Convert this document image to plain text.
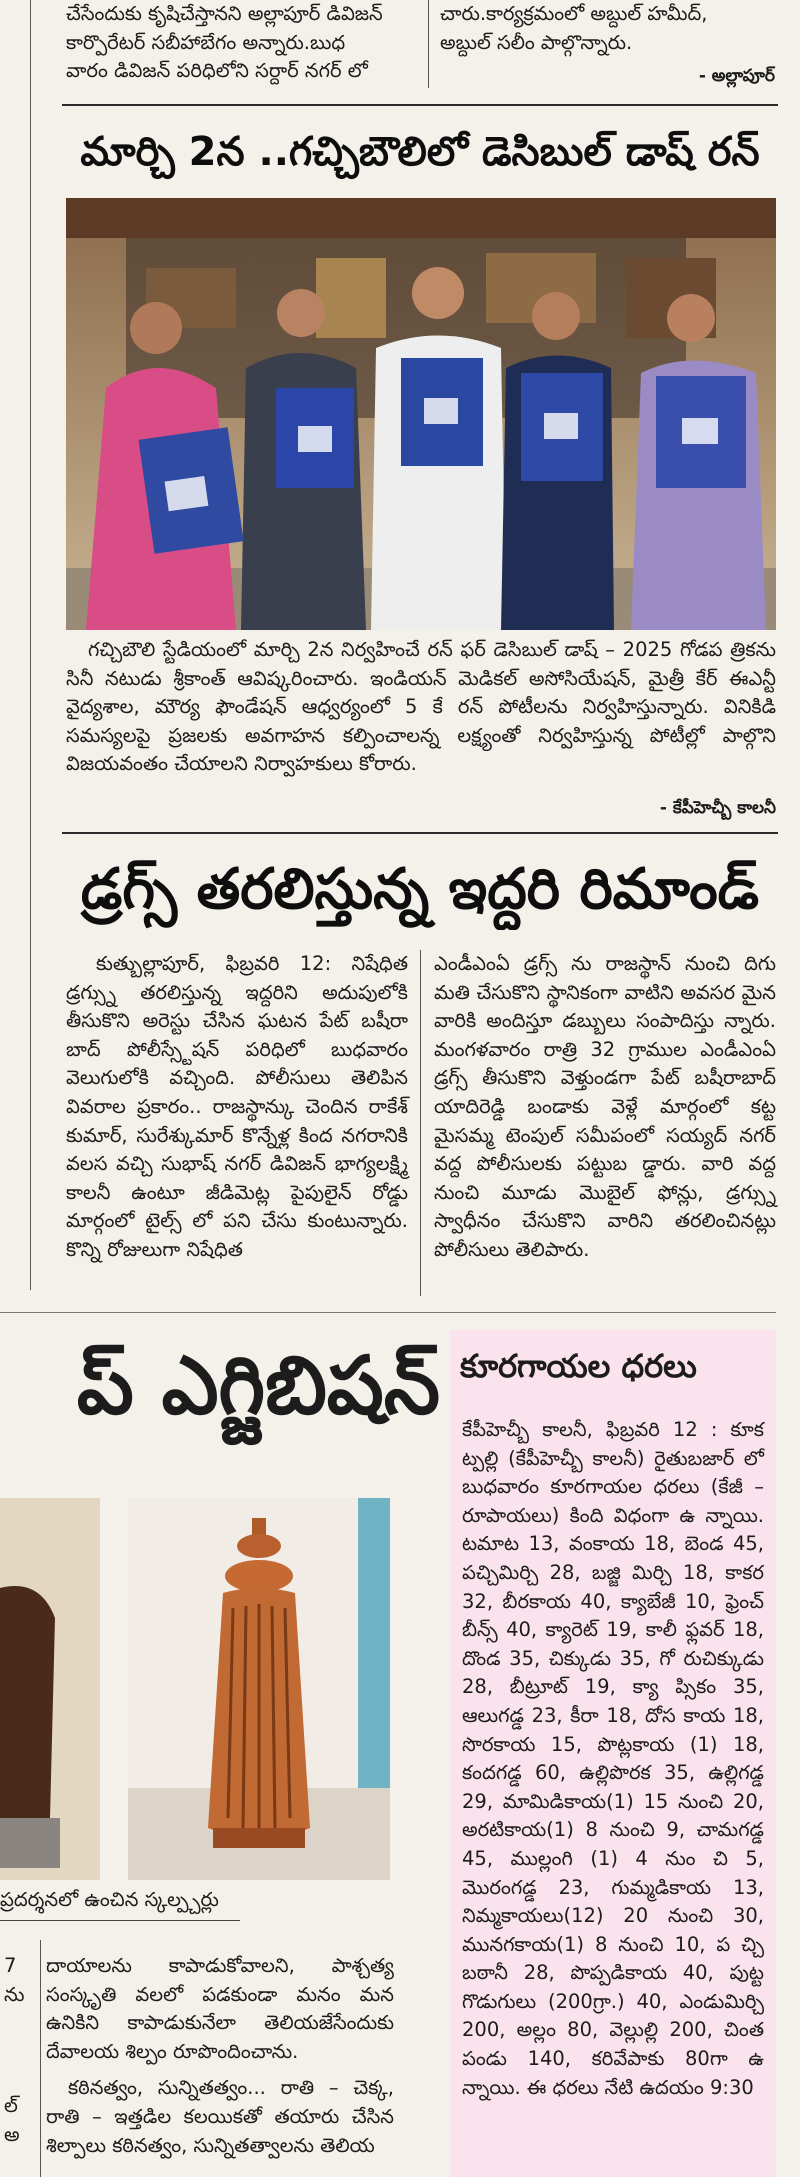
చేసేందుకు కృషిచేస్తానని అల్లాపూర్ డివిజన్

కార్పొరేటర్ సబీహాబేగం అన్నారు.బుధ

వారం డివిజన్ పరిధిలోని సర్దార్ నగర్ లో

చారు.కార్యక్రమంలో అబ్దుల్ హమీద్,

అబ్దుల్ సలీం పాల్గొన్నారు.

- అల్లాపూర్
మార్చి 2న ..గచ్చిబౌలిలో డెసిబుల్ డాష్ రన్

గచ్చిబౌలి స్టేడియంలో మార్చి 2న నిర్వహించే రన్ ఫర్ డెసిబుల్ డాష్ – 2025 గోడప త్రికను సినీ నటుడు శ్రీకాంత్ ఆవిష్కరించారు. ఇండియన్ మెడికల్ అసోసియేషన్, మైత్రీ కేర్ ఈఎన్టీ వైద్యశాల, మౌర్య ఫౌండేషన్ ఆధ్వర్యంలో 5 కే రన్ పోటీలను నిర్వహిస్తున్నారు. వినికిడి సమస్యలపై ప్రజలకు అవగాహన కల్పించాలన్న లక్ష్యంతో నిర్వహిస్తున్న పోటీల్లో పాల్గొని విజయవంతం చేయాలని నిర్వాహకులు కోరారు.

- కేపీహెచ్బీ కాలనీ
డ్రగ్స్ తరలిస్తున్న ఇద్దరి రిమాండ్

కుత్బుల్లాపూర్, ఫిబ్రవరి 12: నిషేధిత డ్రగ్స్ను తరలిస్తున్న ఇద్దరిని అదుపులోకి తీసుకొని అరెస్టు చేసిన ఘటన పేట్ బషీరా బాద్ పోలీస్స్టేషన్ పరిధిలో బుధవారం వెలుగులోకి వచ్చింది. పోలీసులు తెలిపిన వివరాల ప్రకారం.. రాజస్థాన్కు చెందిన రాకేశ్ కుమార్, సురేశ్కుమార్ కొన్నేళ్ల కింద నగరానికి వలస వచ్చి సుభాష్ నగర్ డివిజన్ భాగ్యలక్ష్మి కాలనీ ఉంటూ జీడిమెట్ల పైపులైన్ రోడ్డు మార్గంలో టైల్స్ లో పని చేసు కుంటున్నారు. కొన్ని రోజులుగా నిషేధిత

ఎండీఎంఏ డ్రగ్స్ ను రాజస్థాన్ నుంచి దిగు మతి చేసుకొని స్థానికంగా వాటిని అవసర మైన వారికి అందిస్తూ డబ్బులు సంపాదిస్తు న్నారు. మంగళవారం రాత్రి 32 గ్రాముల ఎండీఎంఏ డ్రగ్స్ తీసుకొని వెళ్తుండగా పేట్ బషీరాబాద్ యాదిరెడ్డి బండాకు వెళ్లే మార్గంలో కట్ట మైసమ్మ టెంపుల్ సమీపంలో సయ్యద్ నగర్ వద్ద పోలీసులకు పట్టుబ డ్డారు. వారి వద్ద నుంచి మూడు మొబైల్ ఫోన్లు, డ్రగ్స్ను స్వాధీనం చేసుకొని వారిని తరలించినట్లు పోలీసులు తెలిపారు.

ప్ ఎగ్జిబిషన్
ప్రదర్శనలో ఉంచిన స్కల్ప్చర్లు

7

ను

ల్

అ

దాయాలను కాపాడుకోవాలని, పాశ్చత్య సంస్కృతి వలలో పడకుండా మనం మన ఉనికిని కాపాడుకునేలా తెలియజేసేందుకు దేవాలయ శిల్పం రూపొందించాను.

కఠినత్వం, సున్నితత్వం... రాతి – చెక్క, రాతి – ఇత్తడిల కలయికతో తయారు చేసిన శిల్పాలు కఠినత్వం, సున్నితత్వాలను తెలియ

కూరగాయల ధరలు

కేపీహెచ్బీ కాలనీ, ఫిబ్రవరి 12 : కూక ట్పల్లి (కేపీహెచ్బీ కాలనీ) రైతుబజార్ లో బుధవారం కూరగాయల ధరలు (కేజీ – రూపాయలు) కింది విధంగా ఉ న్నాయి. టమాట 13, వంకాయ 18, బెండ 45, పచ్చిమిర్చి 28, బజ్జి మిర్చి 18, కాకర 32, బీరకాయ 40, క్యాబేజీ 10, ఫ్రెంచ్ బీన్స్ 40, క్యారెట్ 19, కాలీ ఫ్లవర్ 18, దొండ 35, చిక్కుడు 35, గో రుచిక్కుడు 28, బీట్రూట్ 19, క్యా ప్సికం 35, ఆలుగడ్డ 23, కీరా 18, దోస కాయ 18, సొరకాయ 15, పొట్లకాయ (1) 18, కందగడ్డ 60, ఉల్లిపొరక 35, ఉల్లిగడ్డ 29, మామిడికాయ(1) 15 నుంచి 20, అరటికాయ(1) 8 నుంచి 9, చామగడ్డ 45, ముల్లంగి (1) 4 నుం చి 5, మొరంగడ్డ 23, గుమ్మడికాయ 13, నిమ్మకాయలు(12) 20 నుంచి 30, మునగకాయ(1) 8 నుంచి 10, ప చ్చి బఠానీ 28, పొప్పడికాయ 40, పుట్ట గొడుగులు (200గ్రా.) 40, ఎండుమిర్చి 200, అల్లం 80, వెల్లుల్లి 200, చింత పండు 140, కరివేపాకు 80గా ఉ న్నాయి. ఈ ధరలు నేటి ఉదయం 9:30
